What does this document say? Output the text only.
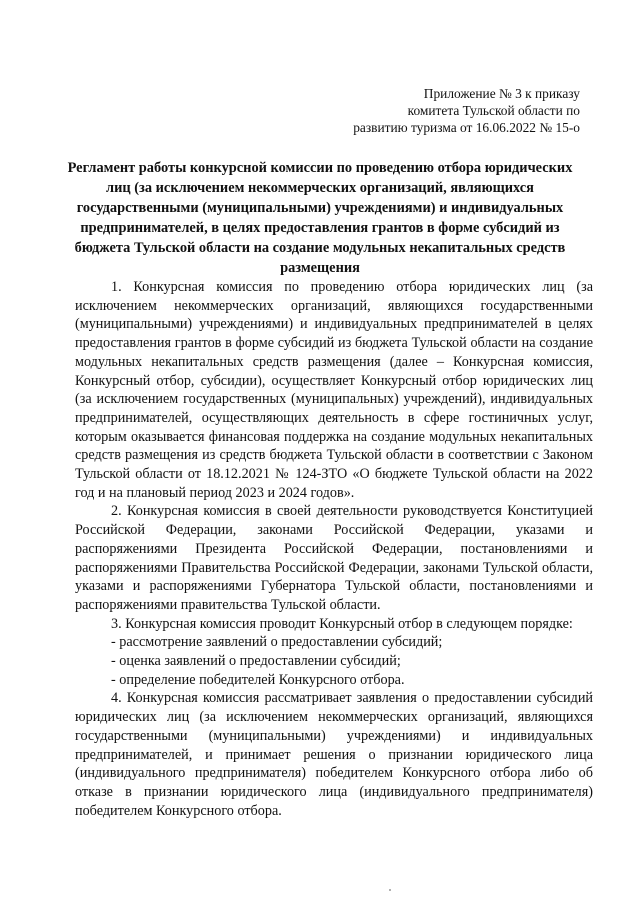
Приложение № 3 к приказу
комитета Тульской области по
развитию туризма от 16.06.2022 № 15-о
Регламент работы конкурсной комиссии по проведению отбора юридических лиц (за исключением некоммерческих организаций, являющихся государственными (муниципальными) учреждениями) и индивидуальных предпринимателей, в целях предоставления грантов в форме субсидий из бюджета Тульской области на создание модульных некапитальных средств размещения

1. Конкурсная комиссия по проведению отбора юридических лиц (за исключением некоммерческих организаций, являющихся государственными (муниципальными) учреждениями) и индивидуальных предпринимателей в целях предоставления грантов в форме субсидий из бюджета Тульской области на создание модульных некапитальных средств размещения (далее – Конкурсная комиссия, Конкурсный отбор, субсидии), осуществляет Конкурсный отбор юридических лиц (за исключением государственных (муниципальных) учреждений), индивидуальных предпринимателей, осуществляющих деятельность в сфере гостиничных услуг, которым оказывается финансовая поддержка на создание модульных некапитальных средств размещения из средств бюджета Тульской области в соответствии с Законом Тульской области от 18.12.2021 № 124-ЗТО «О бюджете Тульской области на 2022 год и на плановый период 2023 и 2024 годов».

2. Конкурсная комиссия в своей деятельности руководствуется Конституцией Российской Федерации, законами Российской Федерации, указами и распоряжениями Президента Российской Федерации, постановлениями и распоряжениями Правительства Российской Федерации, законами Тульской области, указами и распоряжениями Губернатора Тульской области, постановлениями и распоряжениями правительства Тульской области.

3. Конкурсная комиссия проводит Конкурсный отбор в следующем порядке:

- рассмотрение заявлений о предоставлении субсидий;
- оценка заявлений о предоставлении субсидий;
- определение победителей Конкурсного отбора.

4. Конкурсная комиссия рассматривает заявления о предоставлении субсидий юридических лиц (за исключением некоммерческих организаций, являющихся государственными (муниципальными) учреждениями) и индивидуальных предпринимателей, и принимает решения о признании юридического лица (индивидуального предпринимателя) победителем Конкурсного отбора либо об отказе в признании юридического лица (индивидуального предпринимателя) победителем Конкурсного отбора.
